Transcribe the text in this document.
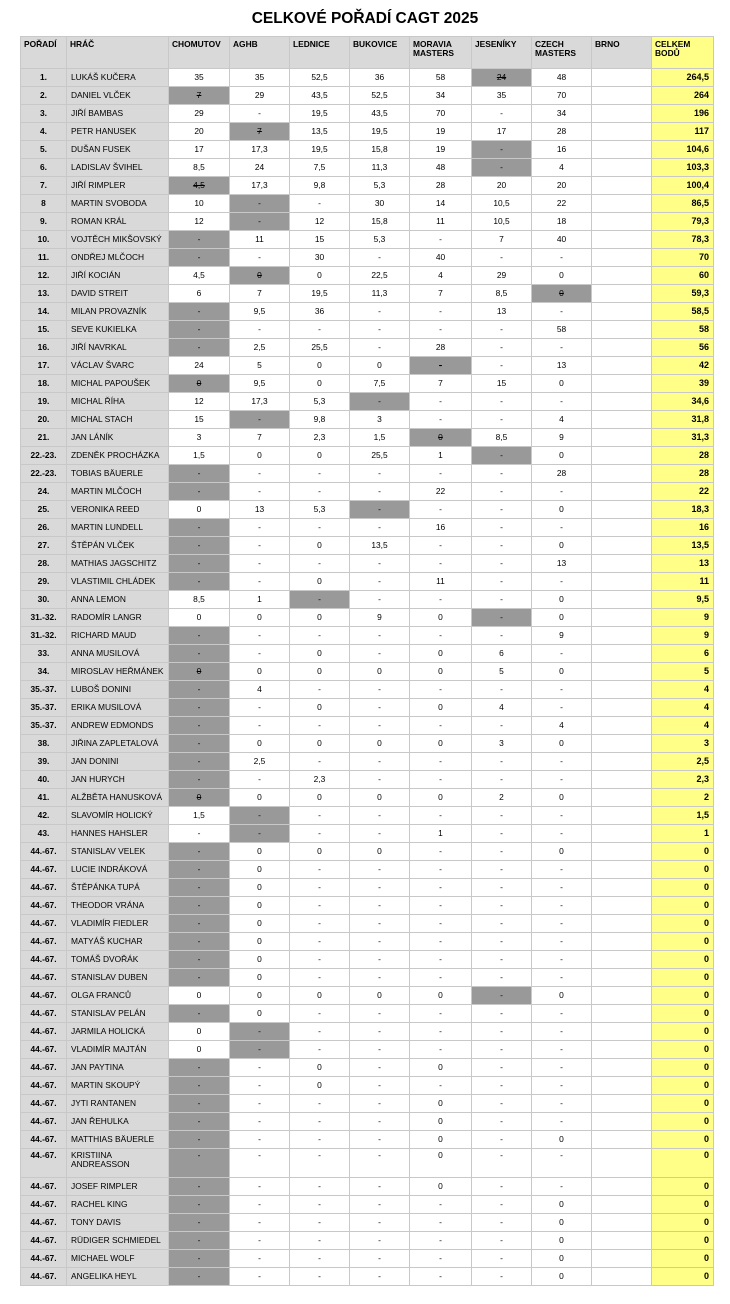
CELKOVÉ POŘADÍ CAGT 2025
POŘADÍ	HRÁČ	CHOMUTOV	AGHB	LEDNICE	BUKOVICE	MORAVIA MASTERS	JESENÍKY	CZECH MASTERS	BRNO	CELKEM BODŮ
1.	LUKÁŠ KUČERA	35	35	52,5	36	58	24	48		264,5
2.	DANIEL VLČEK	7	29	43,5	52,5	34	35	70		264
3.	JIŘÍ BAMBAS	29	-	19,5	43,5	70	-	34		196
4.	PETR HANUSEK	20	7	13,5	19,5	19	17	28		117
5.	DUŠAN FUSEK	17	17,3	19,5	15,8	19	-	16		104,6
6.	LADISLAV ŠVIHEL	8,5	24	7,5	11,3	48	-	4		103,3
7.	JIŘÍ RIMPLER	4,5	17,3	9,8	5,3	28	20	20		100,4
8	MARTIN SVOBODA	10	-	-	30	14	10,5	22		86,5
9.	ROMAN KRÁL	12	-	12	15,8	11	10,5	18		79,3
10.	VOJTĚCH MIKŠOVSKÝ	-	11	15	5,3	-	7	40		78,3
11.	ONDŘEJ MLČOCH	-	-	30	-	40	-	-		70
12.	JIŘÍ KOCIÁN	4,5	0	0	22,5	4	29	0		60
13.	DAVID STREIT	6	7	19,5	11,3	7	8,5	0		59,3
14.	MILAN PROVAZNÍK	-	9,5	36	-	-	13	-		58,5
15.	SEVE KUKIELKA	-	-	-	-	-	-	58		58
16.	JIŘÍ NAVRKAL	-	2,5	25,5	-	28	-	-		56
17.	VÁCLAV ŠVARC	24	5	0	0	-	-	13		42
18.	MICHAL PAPOUŠEK	0	9,5	0	7,5	7	15	0		39
19.	MICHAL ŘÍHA	12	17,3	5,3	-	-	-	-		34,6
20.	MICHAL STACH	15	-	9,8	3	-	-	4		31,8
21.	JAN LÁNÍK	3	7	2,3	1,5	0	8,5	9		31,3
22.-23.	ZDENĚK PROCHÁZKA	1,5	0	0	25,5	1	-	0		28
22.-23.	TOBIAS BÄUERLE	-	-	-	-	-	-	28		28
24.	MARTIN MLČOCH	-	-	-	-	22	-	-		22
25.	VERONIKA REED	0	13	5,3	-	-	-	0		18,3
26.	MARTIN LUNDELL	-	-	-	-	16	-	-		16
27.	ŠTĚPÁN VLČEK	-	-	0	13,5	-	-	0		13,5
28.	MATHIAS JAGSCHITZ	-	-	-	-	-	-	13		13
29.	VLASTIMIL CHLÁDEK	-	-	0	-	11	-	-		11
30.	ANNA LEMON	8,5	1	-	-	-	-	0		9,5
31.-32.	RADOMÍR LANGR	0	0	0	9	0	-	0		9
31.-32.	RICHARD MAUD	-	-	-	-	-	-	9		9
33.	ANNA MUSILOVÁ	-	-	0	-	0	6	-		6
34.	MIROSLAV HEŘMÁNEK	0	0	0	0	0	5	0		5
35.-37.	LUBOŠ DONINI	-	4	-	-	-	-	-		4
35.-37.	ERIKA MUSILOVÁ	-	-	0	-	0	4	-		4
35.-37.	ANDREW EDMONDS	-	-	-	-	-	-	4		4
38.	JIŘINA ZAPLETALOVÁ	-	0	0	0	0	3	0		3
39.	JAN DONINI	-	2,5	-	-	-	-	-		2,5
40.	JAN HURYCH	-	-	2,3	-	-	-	-		2,3
41.	ALŽBĚTA HANUSKOVÁ	0	0	0	0	0	2	0		2
42.	SLAVOMÍR HOLICKÝ	1,5	-	-	-	-	-	-		1,5
43.	HANNES HAHSLER	-	-	-	-	1	-	-		1
44.-67.	STANISLAV VELEK	-	0	0	0	-	-	0		0
44.-67.	LUCIE INDRÁKOVÁ	-	0	-	-	-	-	-		0
44.-67.	ŠTĚPÁNKA TUPÁ	-	0	-	-	-	-	-		0
44.-67.	THEODOR VRÁNA	-	0	-	-	-	-	-		0
44.-67.	VLADIMÍR FIEDLER	-	0	-	-	-	-	-		0
44.-67.	MATYÁŠ KUCHAR	-	0	-	-	-	-	-		0
44.-67.	TOMÁŠ DVOŘÁK	-	0	-	-	-	-	-		0
44.-67.	STANISLAV DUBEN	-	0	-	-	-	-	-		0
44.-67.	OLGA FRANCŮ	0	0	0	0	0	-	0		0
44.-67.	STANISLAV PELÁN	-	0	-	-	-	-	-		0
44.-67.	JARMILA HOLICKÁ	0	-	-	-	-	-	-		0
44.-67.	VLADIMÍR MAJTÁN	0	-	-	-	-	-	-		0
44.-67.	JAN PAYTINA	-	-	0	-	0	-	-		0
44.-67.	MARTIN SKOUPÝ	-	-	0	-	-	-	-		0
44.-67.	JYTI RANTANEN	-	-	-	-	0	-	-		0
44.-67.	JAN ŘEHULKA	-	-	-	-	0	-	-		0
44.-67.	MATTHIAS BÄUERLE	-	-	-	-	0	-	0		0
44.-67.	KRISTIINA ANDREASSON	-	-	-	-	0	-	-		0
44.-67.	JOSEF RIMPLER	-	-	-	-	0	-	-		0
44.-67.	RACHEL KING	-	-	-	-	-	-	0		0
44.-67.	TONY DAVIS	-	-	-	-	-	-	0		0
44.-67.	RÜDIGER SCHMIEDEL	-	-	-	-	-	-	0		0
44.-67.	MICHAEL WOLF	-	-	-	-	-	-	0		0
44.-67.	ANGELIKA HEYL	-	-	-	-	-	-	0		0
